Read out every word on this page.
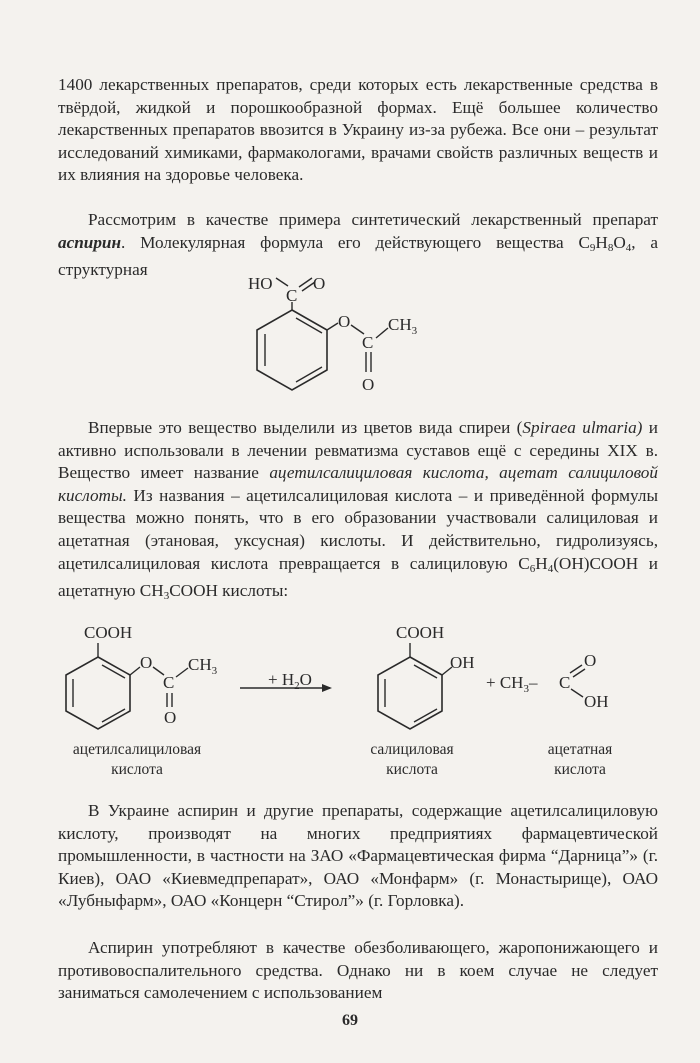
1400 лекарственных препаратов, среди которых есть лекарственные средства в твёрдой, жидкой и порошкообразной формах. Ещё большее количество лекарственных препаратов ввозится в Украину из-за рубежа. Все они – результат исследований химиками, фармакологами, врачами свойств различных веществ и их влияния на здоровье человека.

Рассмотрим в качестве примера синтетический лекарственный препарат аспирин. Молекулярная формула его действующего вещества $C_9H_8O_4$, а структурная

C
HO O
O
C
$CH_3$
O

Впервые это вещество выделили из цветов вида спиреи (Spiraea ulmaria) и активно использовали в лечении ревматизма суставов ещё с середины XIX в. Вещество имеет название ацетилсалициловая кислота, ацетат салициловой кислоты. Из названия – ацетилсалициловая кислота – и приведённой формулы вещества можно понять, что в его образовании участвовали салициловая и ацетатная (этановая, уксусная) кислоты. И действительно, гидролизуясь, ацетилсалициловая кислота превращается в салициловую $C_6H_4(OH)COOH$ и ацетатную $CH_3COOH$ кислоты:

COOH
O
C
$CH_3$
O
+ $H_2O$
COOH
OH
+ $CH_3-$ C
O
OH
ацетилсалициловая
кислота
салициловая
кислота
ацетатная
кислота

В Украине аспирин и другие препараты, содержащие ацетилсалициловую кислоту, производят на многих предприятиях фармацевтической промышленности, в частности на ЗАО «Фармацевтическая фирма “Дарница”» (г. Киев), ОАО «Киевмедпрепарат», ОАО «Монфарм» (г. Монастырище), ОАО «Лубныфарм», ОАО «Концерн “Стирол”» (г. Горловка).

Аспирин употребляют в качестве обезболивающего, жаропонижающего и противовоспалительного средства. Однако ни в коем случае не следует заниматься самолечением с использованием

69
